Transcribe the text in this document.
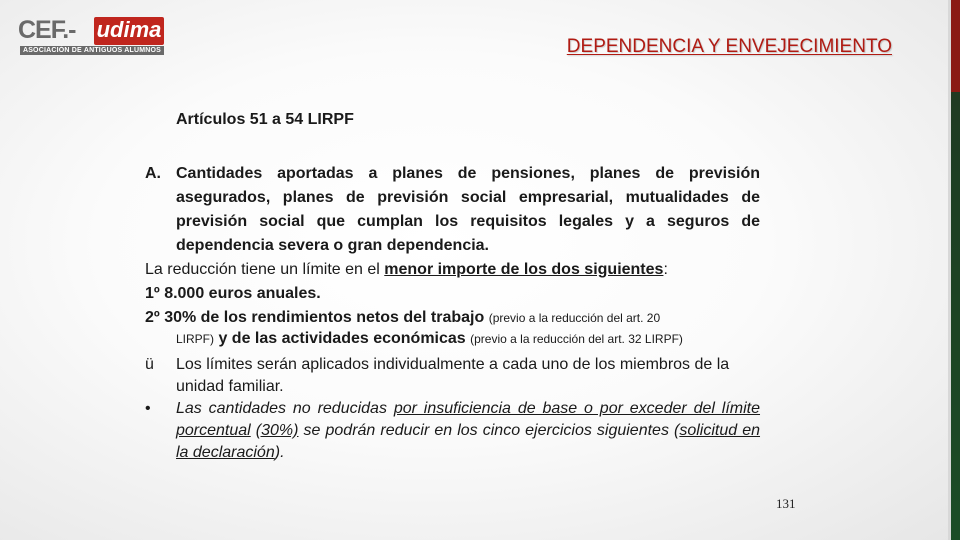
CEF.- udima
ASOCIACIÓN DE ANTIGUOS ALUMNOS	DEPENDENCIA Y ENVEJECIMIENTO
Artículos 51 a 54 LIRPF
A. Cantidades aportadas a planes de pensiones, planes de previsión asegurados, planes de previsión social empresarial, mutualidades de previsión social que cumplan los requisitos legales y a seguros de dependencia severa o gran dependencia.
La reducción tiene un límite en el menor importe de los dos siguientes:
1º 8.000 euros anuales.
2º 30% de los rendimientos netos del trabajo (previo a la reducción del art. 20
LIRPF) y de las actividades económicas (previo a la reducción del art. 32 LIRPF)
ü Los límites serán aplicados individualmente a cada uno de los miembros de la unidad familiar.
• Las cantidades no reducidas por insuficiencia de base o por exceder del límite porcentual (30%) se podrán reducir en los cinco ejercicios siguientes (solicitud en la declaración).
131
